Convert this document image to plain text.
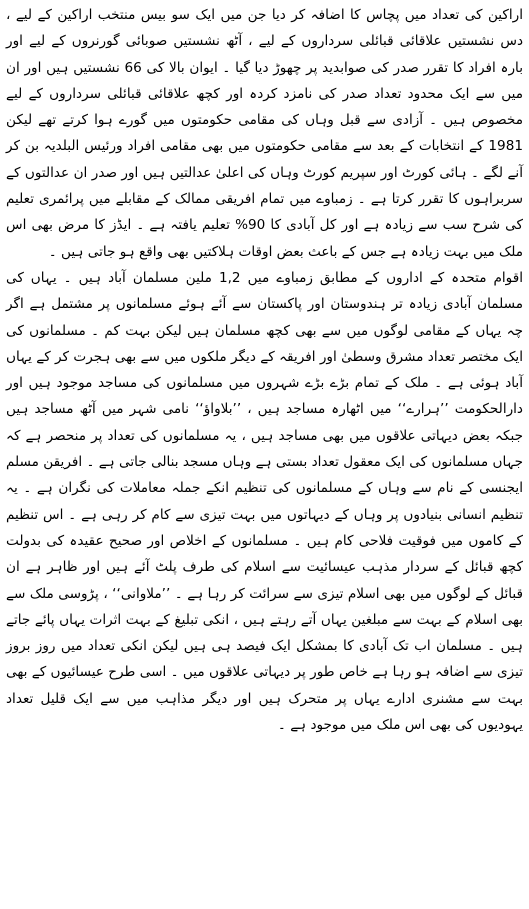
اراکین کی تعداد میں پچاس کا اضافہ کر دیا جن میں ایک سو بیس منتخب اراکین کے لیے ، دس نشستیں علاقائی قبائلی سرداروں کے لیے ، آٹھ نشستیں صوبائی گورنروں کے لیے اور بارہ افراد کا تقرر صدر کی صوابدید پر چھوڑ دیا گیا ۔ ایوان بالا کی 66 نشستیں ہیں اور ان میں سے ایک محدود تعداد صدر کی نامزد کردہ اور کچھ علاقائی قبائلی سرداروں کے لیے مخصوص ہیں ۔ آزادی سے قبل وہاں کی مقامی حکومتوں میں گورے ہوا کرتے تھے لیکن 1981 کے انتخابات کے بعد سے مقامی حکومتوں میں بھی مقامی افراد ورئیس البلدیہ بن کر آنے لگے ۔ ہائی کورٹ اور سپریم کورٹ وہاں کی اعلیٰ عدالتیں ہیں اور صدر ان عدالتوں کے سربراہوں کا تقرر کرتا ہے ۔ زمباوے میں تمام افریقی ممالک کے مقابلے میں پرائمری تعلیم کی شرح سب سے زیادہ ہے اور کل آبادی کا 90% تعلیم یافتہ ہے ۔ ایڈز کا مرض بھی اس ملک میں بہت زیادہ ہے جس کے باعث بعض اوقات ہلاکتیں بھی واقع ہو جاتی ہیں ۔

اقوام متحدہ کے اداروں کے مطابق زمباوے میں 1,2 ملین مسلمان آباد ہیں ۔ یہاں کی مسلمان آبادی زیادہ تر ہندوستان اور پاکستان سے آئے ہوئے مسلمانوں پر مشتمل ہے اگر چہ یہاں کے مقامی لوگوں میں سے بھی کچھ مسلمان ہیں لیکن بہت کم ۔ مسلمانوں کی ایک مختصر تعداد مشرق وسطیٰ اور افریقہ کے دیگر ملکوں میں سے بھی ہجرت کر کے یہاں آباد ہوئی ہے ۔ ملک کے تمام بڑے بڑے شہروں میں مسلمانوں کی مساجد موجود ہیں اور دارالحکومت ’’ہرارے‘‘ میں اٹھارہ مساجد ہیں ، ’’بلاواؤ‘‘ نامی شہر میں آٹھ مساجد ہیں جبکہ بعض دیہاتی علاقوں میں بھی مساجد ہیں ، یہ مسلمانوں کی تعداد پر منحصر ہے کہ جہاں مسلمانوں کی ایک معقول تعداد بستی ہے وہاں مسجد بنالی جاتی ہے ۔ افریقن مسلم ایجنسی کے نام سے وہاں کے مسلمانوں کی تنظیم انکے جملہ معاملات کی نگران ہے ۔ یہ تنظیم انسانی بنیادوں پر وہاں کے دیہاتوں میں بہت تیزی سے کام کر رہی ہے ۔ اس تنظیم کے کاموں میں فوقیت فلاحی کام ہیں ۔ مسلمانوں کے اخلاص اور صحیح عقیدہ کی بدولت کچھ قبائل کے سردار مذہب عیسائیت سے اسلام کی طرف پلٹ آئے ہیں اور ظاہر ہے ان قبائل کے لوگوں میں بھی اسلام تیزی سے سرائت کر رہا ہے ۔ ’’ملاوانی‘‘ ، پڑوسی ملک سے بھی اسلام کے بہت سے مبلغین یہاں آتے رہتے ہیں ، انکی تبلیغ کے بہت اثرات یہاں پائے جاتے ہیں ۔ مسلمان اب تک آبادی کا بمشکل ایک فیصد ہی ہیں لیکن انکی تعداد میں روز بروز تیزی سے اضافہ ہو رہا ہے خاص طور پر دیہاتی علاقوں میں ۔ اسی طرح عیسائیوں کے بھی بہت سے مشنری ادارے یہاں پر متحرک ہیں اور دیگر مذاہب میں سے ایک قلیل تعداد یہودیوں کی بھی اس ملک میں موجود ہے ۔
